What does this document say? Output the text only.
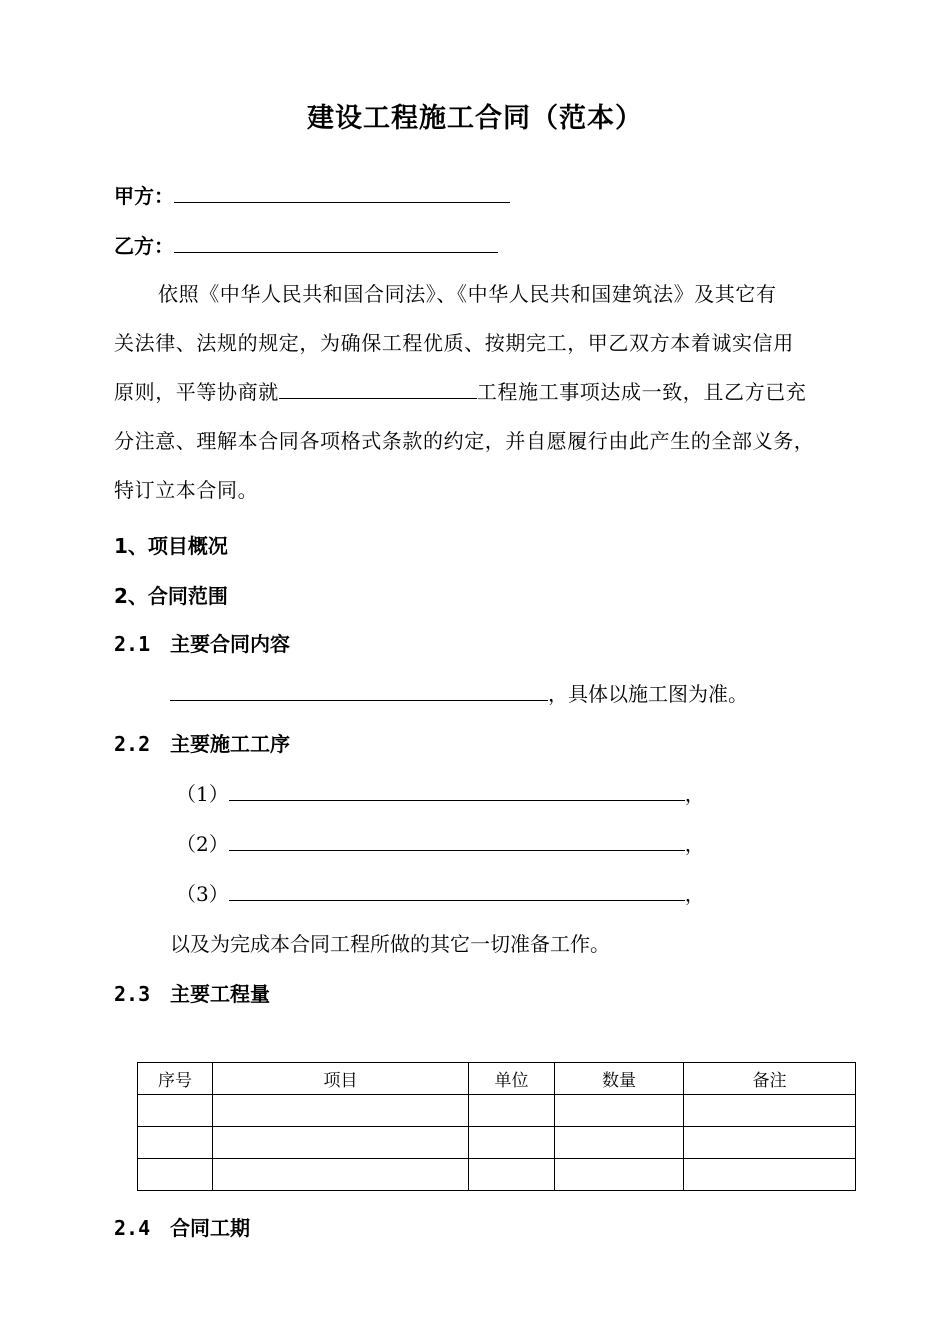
建设工程施工合同（范本）
甲方：
乙方：
依照《中华人民共和国合同法》、《中华人民共和国建筑法》及其它有
关法律、法规的规定，为确保工程优质、按期完工，甲乙双方本着诚实信用
原则，平等协商就	工程施工事项达成一致，且乙方已充
分注意、理解本合同各项格式条款的约定，并自愿履行由此产生的全部义务，
特订立本合同。
1、项目概况
2、合同范围
2.1 主要合同内容
，具体以施工图为准。
2.2 主要施工工序
（1）	，
（2）	，
（3）	，
以及为完成本合同工程所做的其它一切准备工作。
2.3 主要工程量
序号	项目	单位	数量	备注

2.4 合同工期
